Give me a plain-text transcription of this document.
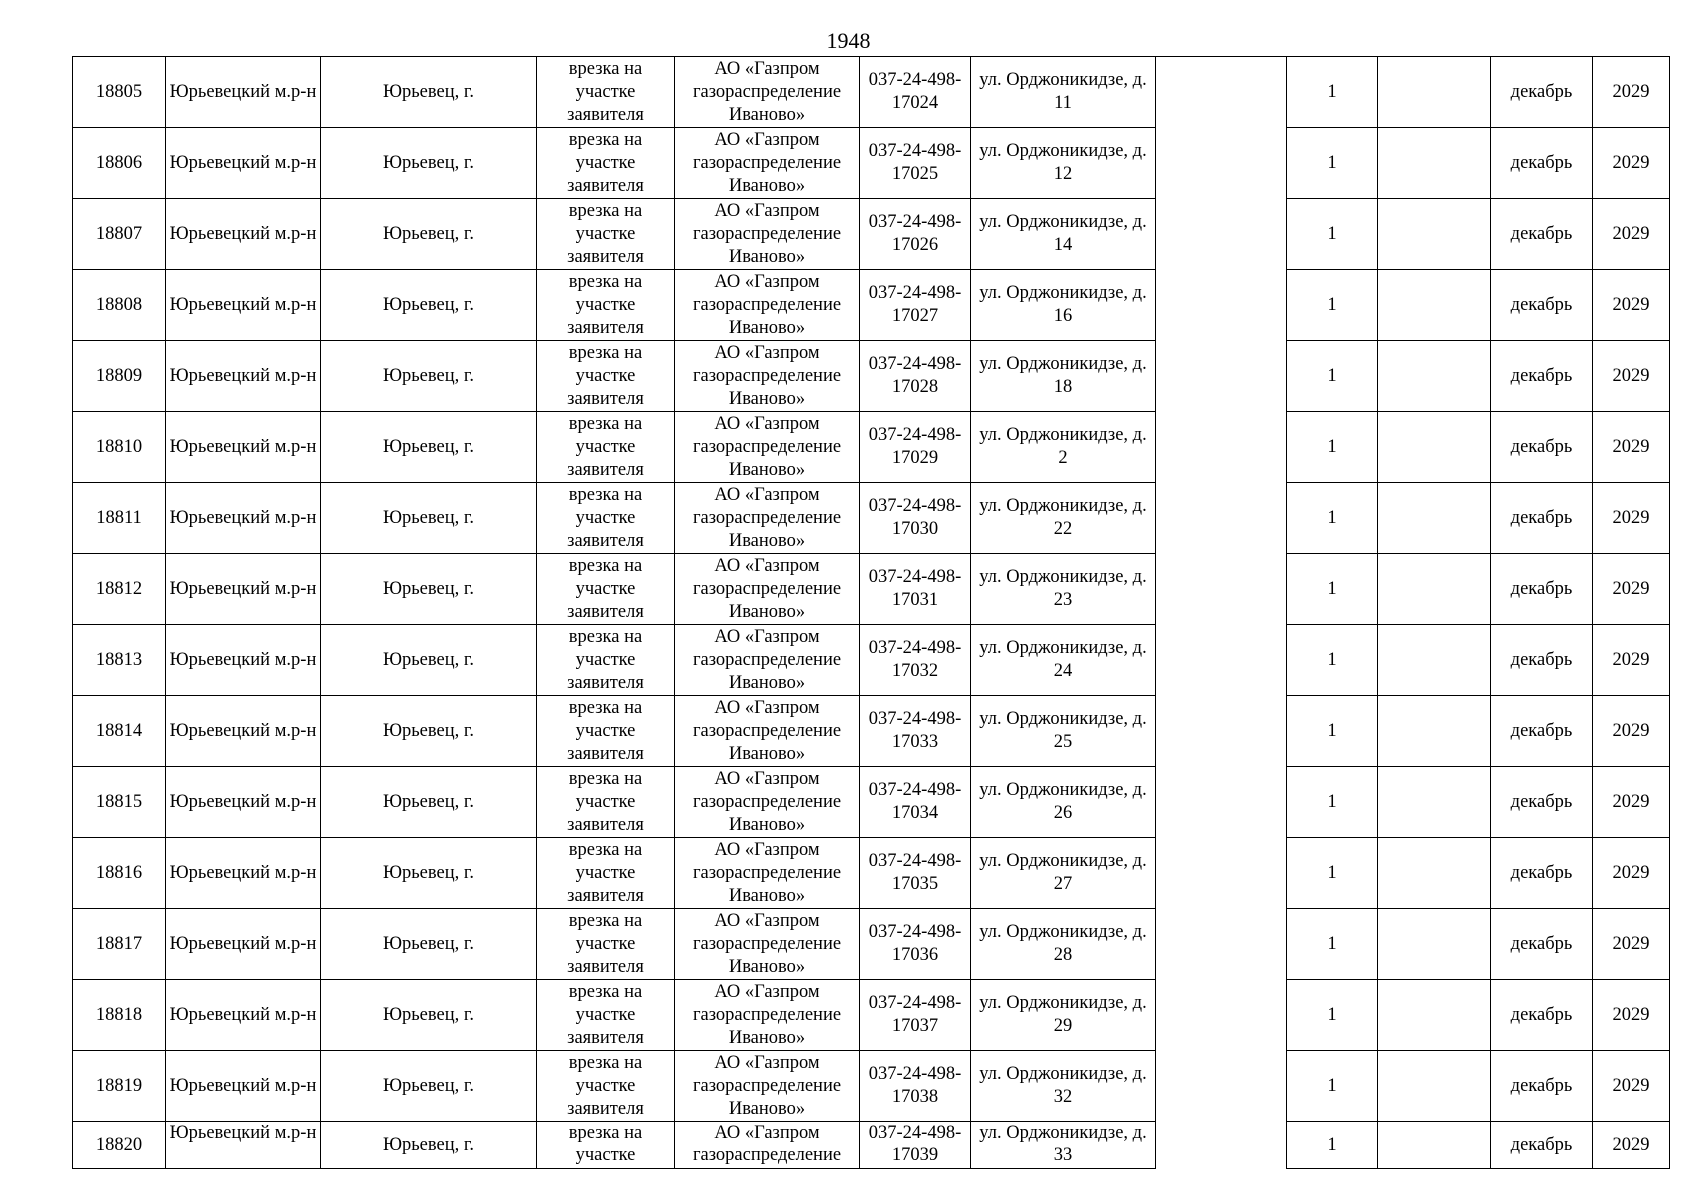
1948
18805	Юрьевецкий м.р-н	Юрьевец, г.	врезка на участке заявителя	АО «Газпром газораспределение Иваново»	037-24-498-17024	ул. Орджоникидзе, д. 11		1		декабрь	2029
18806	Юрьевецкий м.р-н	Юрьевец, г.	врезка на участке заявителя	АО «Газпром газораспределение Иваново»	037-24-498-17025	ул. Орджоникидзе, д. 12		1		декабрь	2029
18807	Юрьевецкий м.р-н	Юрьевец, г.	врезка на участке заявителя	АО «Газпром газораспределение Иваново»	037-24-498-17026	ул. Орджоникидзе, д. 14		1		декабрь	2029
18808	Юрьевецкий м.р-н	Юрьевец, г.	врезка на участке заявителя	АО «Газпром газораспределение Иваново»	037-24-498-17027	ул. Орджоникидзе, д. 16		1		декабрь	2029
18809	Юрьевецкий м.р-н	Юрьевец, г.	врезка на участке заявителя	АО «Газпром газораспределение Иваново»	037-24-498-17028	ул. Орджоникидзе, д. 18		1		декабрь	2029
18810	Юрьевецкий м.р-н	Юрьевец, г.	врезка на участке заявителя	АО «Газпром газораспределение Иваново»	037-24-498-17029	ул. Орджоникидзе, д. 2		1		декабрь	2029
18811	Юрьевецкий м.р-н	Юрьевец, г.	врезка на участке заявителя	АО «Газпром газораспределение Иваново»	037-24-498-17030	ул. Орджоникидзе, д. 22		1		декабрь	2029
18812	Юрьевецкий м.р-н	Юрьевец, г.	врезка на участке заявителя	АО «Газпром газораспределение Иваново»	037-24-498-17031	ул. Орджоникидзе, д. 23		1		декабрь	2029
18813	Юрьевецкий м.р-н	Юрьевец, г.	врезка на участке заявителя	АО «Газпром газораспределение Иваново»	037-24-498-17032	ул. Орджоникидзе, д. 24		1		декабрь	2029
18814	Юрьевецкий м.р-н	Юрьевец, г.	врезка на участке заявителя	АО «Газпром газораспределение Иваново»	037-24-498-17033	ул. Орджоникидзе, д. 25		1		декабрь	2029
18815	Юрьевецкий м.р-н	Юрьевец, г.	врезка на участке заявителя	АО «Газпром газораспределение Иваново»	037-24-498-17034	ул. Орджоникидзе, д. 26		1		декабрь	2029
18816	Юрьевецкий м.р-н	Юрьевец, г.	врезка на участке заявителя	АО «Газпром газораспределение Иваново»	037-24-498-17035	ул. Орджоникидзе, д. 27		1		декабрь	2029
18817	Юрьевецкий м.р-н	Юрьевец, г.	врезка на участке заявителя	АО «Газпром газораспределение Иваново»	037-24-498-17036	ул. Орджоникидзе, д. 28		1		декабрь	2029
18818	Юрьевецкий м.р-н	Юрьевец, г.	врезка на участке заявителя	АО «Газпром газораспределение Иваново»	037-24-498-17037	ул. Орджоникидзе, д. 29		1		декабрь	2029
18819	Юрьевецкий м.р-н	Юрьевец, г.	врезка на участке заявителя	АО «Газпром газораспределение Иваново»	037-24-498-17038	ул. Орджоникидзе, д. 32		1		декабрь	2029
18820	Юрьевецкий м.р-н	Юрьевец, г.	врезка на участке	АО «Газпром газораспределение	037-24-498-17039	ул. Орджоникидзе, д. 33		1		декабрь	2029
